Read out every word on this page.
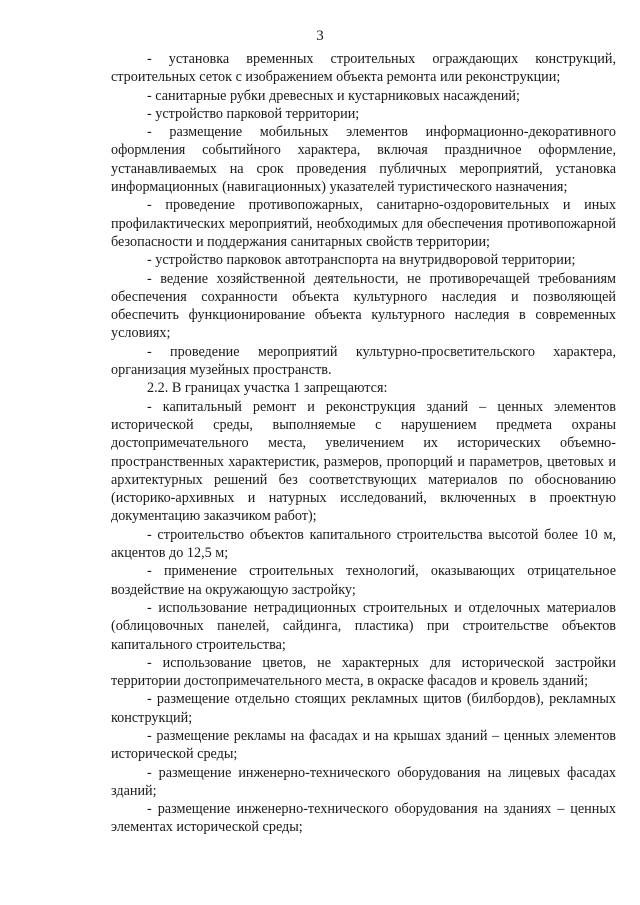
3

- установка временных строительных ограждающих конструкций, строительных сеток с изображением объекта ремонта или реконструкции;

- санитарные рубки древесных и кустарниковых насаждений;

- устройство парковой территории;

- размещение мобильных элементов информационно-декоративного оформления событийного характера, включая праздничное оформление, устанавливаемых на срок проведения публичных мероприятий, установка информационных (навигационных) указателей туристического назначения;

- проведение противопожарных, санитарно-оздоровительных и иных профилактических мероприятий, необходимых для обеспечения противопожарной безопасности и поддержания санитарных свойств территории;

- устройство парковок автотранспорта на внутридворовой территории;

- ведение хозяйственной деятельности, не противоречащей требованиям обеспечения сохранности объекта культурного наследия и позволяющей обеспечить функционирование объекта культурного наследия в современных условиях;

- проведение мероприятий культурно-просветительского характера, организация музейных пространств.

2.2. В границах участка 1 запрещаются:

- капитальный ремонт и реконструкция зданий – ценных элементов исторической среды, выполняемые с нарушением предмета охраны достопримечательного места, увеличением их исторических объемно-пространственных характеристик, размеров, пропорций и параметров, цветовых и архитектурных решений без соответствующих материалов по обоснованию (историко-архивных и натурных исследований, включенных в проектную документацию заказчиком работ);

- строительство объектов капитального строительства высотой более 10 м, акцентов до 12,5 м;

- применение строительных технологий, оказывающих отрицательное воздействие на окружающую застройку;

- использование нетрадиционных строительных и отделочных материалов (облицовочных панелей, сайдинга, пластика) при строительстве объектов капитального строительства;

- использование цветов, не характерных для исторической застройки территории достопримечательного места, в окраске фасадов и кровель зданий;

- размещение отдельно стоящих рекламных щитов (билбордов), рекламных конструкций;

- размещение рекламы на фасадах и на крышах зданий – ценных элементов исторической среды;

- размещение инженерно-технического оборудования на лицевых фасадах зданий;

- размещение инженерно-технического оборудования на зданиях – ценных элементах исторической среды;
